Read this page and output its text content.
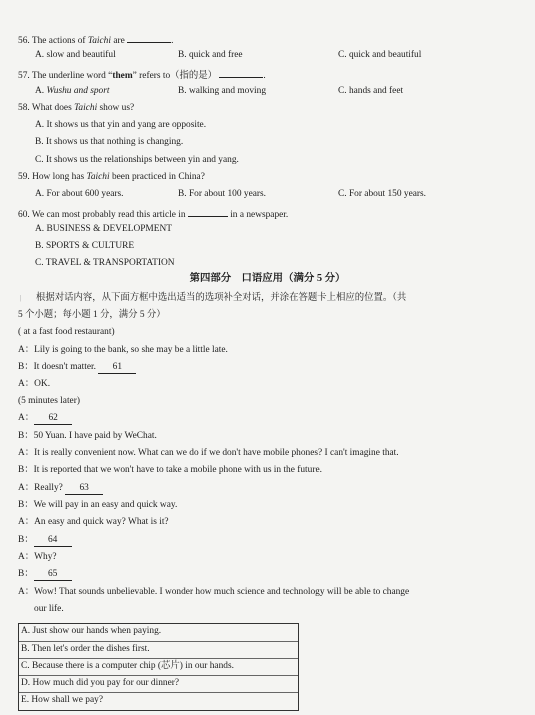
56. The actions of Taichi are	.
A. slow and beautiful	B. quick and free	C. quick and beautiful
57. The underline word “them” refers to（指的是）	.
A. Wushu and sport	B. walking and moving	C. hands and feet
58. What does Taichi show us?
A. It shows us that yin and yang are opposite.
B. It shows us that nothing is changing.
C. It shows us the relationships between yin and yang.
59. How long has Taichi been practiced in China?
A. For about 600 years.	B. For about 100 years.	C. For about 150 years.
60. We can most probably read this article in	in a newspaper.
A. BUSINESS & DEVELOPMENT
B. SPORTS & CULTURE
C. TRAVEL & TRANSPORTATION
第四部分　口语应用（满分 5 分）
| 根据对话内容，从下面方框中选出适当的选项补全对话，并涂在答题卡上相应的位置。（共
5 个小题；每小题 1 分，满分 5 分）
( at a fast food restaurant)
A：Lily is going to the bank, so she may be a little late.
B：It doesn't matter. 61
A：OK.
(5 minutes later)
A： 62
B：50 Yuan. I have paid by WeChat.
A：It is really convenient now. What can we do if we don't have mobile phones? I can't imagine that.
B：It is reported that we won't have to take a mobile phone with us in the future.
A：Really? 63
B：We will pay in an easy and quick way.
A：An easy and quick way? What is it?
B： 64
A：Why?
B： 65
A：Wow! That sounds unbelievable. I wonder how much science and technology will be able to change
our life.
A. Just show our hands when paying.
B. Then let's order the dishes first.
C. Because there is a computer chip (芯片) in our hands.
D. How much did you pay for our dinner?
E. How shall we pay?
